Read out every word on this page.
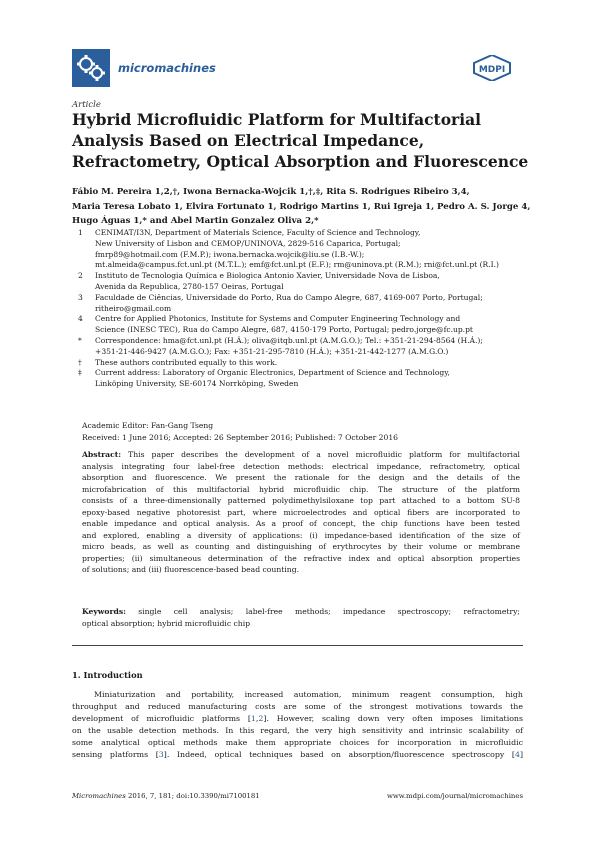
micromachines	MDPI
Article
Hybrid Microfluidic Platform for Multifactorial
Analysis Based on Electrical Impedance,
Refractometry, Optical Absorption and Fluorescence
Fábio M. Pereira 1,2,†, Iwona Bernacka-Wojcik 1,†,‡, Rita S. Rodrigues Ribeiro 3,4,
Maria Teresa Lobato 1, Elvira Fortunato 1, Rodrigo Martins 1, Rui Igreja 1, Pedro A. S. Jorge 4,
Hugo Águas 1,* and Abel Martin Gonzalez Oliva 2,*
1 CENIMAT/I3N, Department of Materials Science, Faculty of Science and Technology,
New University of Lisbon and CEMOP/UNINOVA, 2829-516 Caparica, Portugal;
fmrp89@hotmail.com (F.M.P.); iwona.bernacka.wojcik@liu.se (I.B.-W.);
mt.almeida@campus.fct.unl.pt (M.T.L.); emf@fct.unl.pt (E.F.); rm@uninova.pt (R.M.); rni@fct.unl.pt (R.I.)
2 Instituto de Tecnologia Química e Biologica Antonio Xavier, Universidade Nova de Lisboa,
Avenida da Republica, 2780-157 Oeiras, Portugal
3 Faculdade de Ciências, Universidade do Porto, Rua do Campo Alegre, 687, 4169-007 Porto, Portugal;
ritheiro@gmail.com
4 Centre for Applied Photonics, Institute for Systems and Computer Engineering Technology and
Science (INESC TEC), Rua do Campo Alegre, 687, 4150-179 Porto, Portugal; pedro.jorge@fc.up.pt
* Correspondence: hma@fct.unl.pt (H.Á.); oliva@itqb.unl.pt (A.M.G.O.); Tel.: +351-21-294-8564 (H.Á.);
+351-21-446-9427 (A.M.G.O.); Fax: +351-21-295-7810 (H.Á.); +351-21-442-1277 (A.M.G.O.)
† These authors contributed equally to this work.
‡ Current address: Laboratory of Organic Electronics, Department of Science and Technology,
Linköping University, SE-60174 Norrköping, Sweden
Academic Editor: Fan-Gang Tseng
Received: 1 June 2016; Accepted: 26 September 2016; Published: 7 October 2016
Abstract: This paper describes the development of a novel microfluidic platform for multifactorial
analysis integrating four label-free detection methods: electrical impedance, refractometry, optical
absorption and fluorescence. We present the rationale for the design and the details of the
microfabrication of this multifactorial hybrid microfluidic chip. The structure of the platform
consists of a three-dimensionally patterned polydimethylsiloxane top part attached to a bottom SU-8
epoxy-based negative photoresist part, where microelectrodes and optical fibers are incorporated to
enable impedance and optical analysis. As a proof of concept, the chip functions have been tested
and explored, enabling a diversity of applications: (i) impedance-based identification of the size of
micro beads, as well as counting and distinguishing of erythrocytes by their volume or membrane
properties; (ii) simultaneous determination of the refractive index and optical absorption properties
of solutions; and (iii) fluorescence-based bead counting.
Keywords: single cell analysis; label-free methods; impedance spectroscopy; refractometry;
optical absorption; hybrid microfluidic chip
1. Introduction
Miniaturization and portability, increased automation, minimum reagent consumption, high
throughput and reduced manufacturing costs are some of the strongest motivations towards the
development of microfluidic platforms [1,2]. However, scaling down very often imposes limitations
on the usable detection methods. In this regard, the very high sensitivity and intrinsic scalability of
some analytical optical methods make them appropriate choices for incorporation in microfluidic
sensing platforms [3]. Indeed, optical techniques based on absorption/fluorescence spectroscopy [4]
Micromachines 2016, 7, 181; doi:10.3390/mi7100181	www.mdpi.com/journal/micromachines
